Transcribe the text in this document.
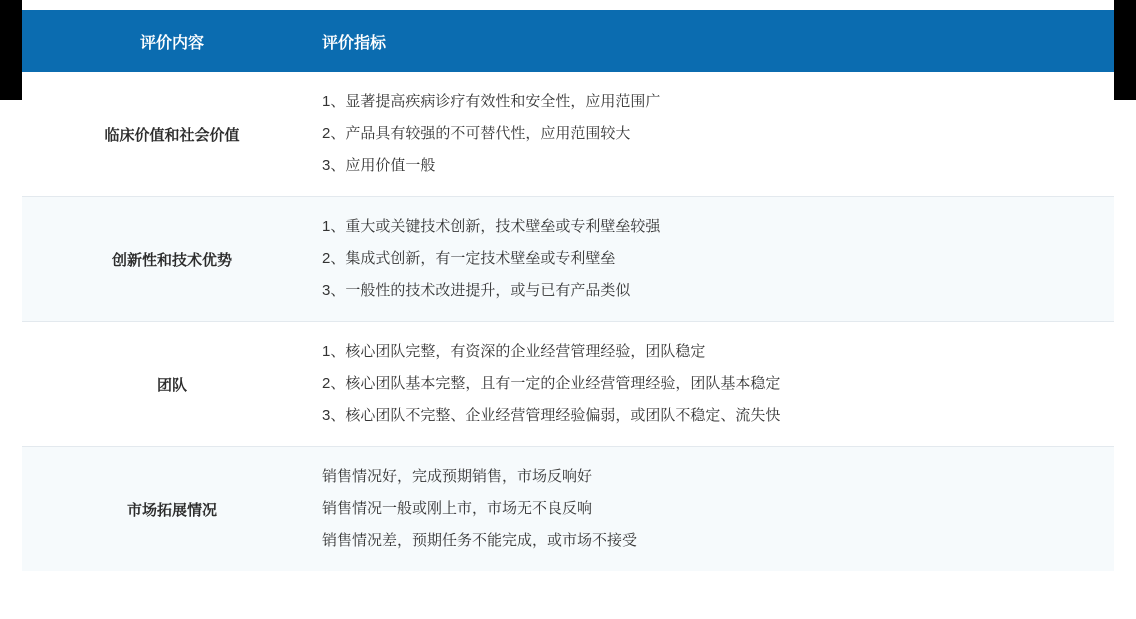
评价内容	评价指标
临床价值和社会价值	1、显著提高疾病诊疗有效性和安全性，应用范围广
2、产品具有较强的不可替代性，应用范围较大
3、应用价值一般

创新性和技术优势	1、重大或关键技术创新，技术壁垒或专利壁垒较强
2、集成式创新，有一定技术壁垒或专利壁垒
3、一般性的技术改进提升，或与已有产品类似

团队	1、核心团队完整，有资深的企业经营管理经验，团队稳定
2、核心团队基本完整，且有一定的企业经营管理经验，团队基本稳定
3、核心团队不完整、企业经营管理经验偏弱，或团队不稳定、流失快

市场拓展情况	销售情况好，完成预期销售，市场反响好
销售情况一般或刚上市，市场无不良反响
销售情况差，预期任务不能完成，或市场不接受
